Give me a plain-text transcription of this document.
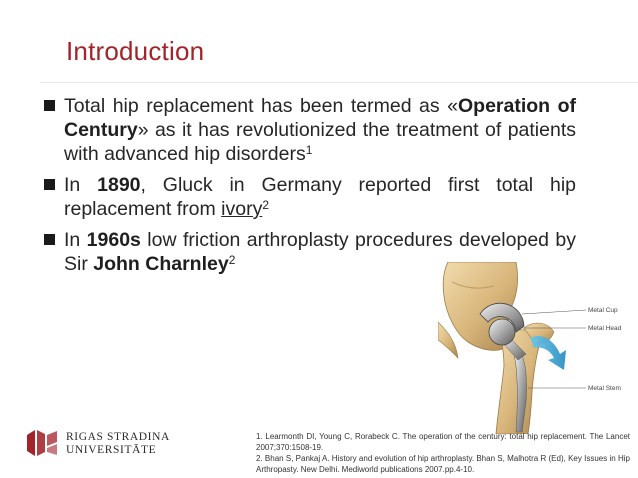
Introduction
Total hip replacement has been termed as «Operation of Century» as it has revolutionized the treatment of patients with advanced hip disorders$^1$
In 1890, Gluck in Germany reported first total hip replacement from ivory$^2$
In 1960s low friction arthroplasty procedures developed by Sir John Charnley$^2$
Metal Cup
Metal Head
Metal Stem
RIGAS STRADINA
UNIVERSITĀTE
1. Learmonth DI, Young C, Rorabeck C. The operation of the century: total hip replacement. The Lancet 2007;370:1508-19.
2. Bhan S, Pankaj A. History and evolution of hip arthroplasty. Bhan S, Malhotra R (Ed), Key Issues in Hip Arthropasty. New Delhi. Mediworld publications 2007.pp.4-10.
